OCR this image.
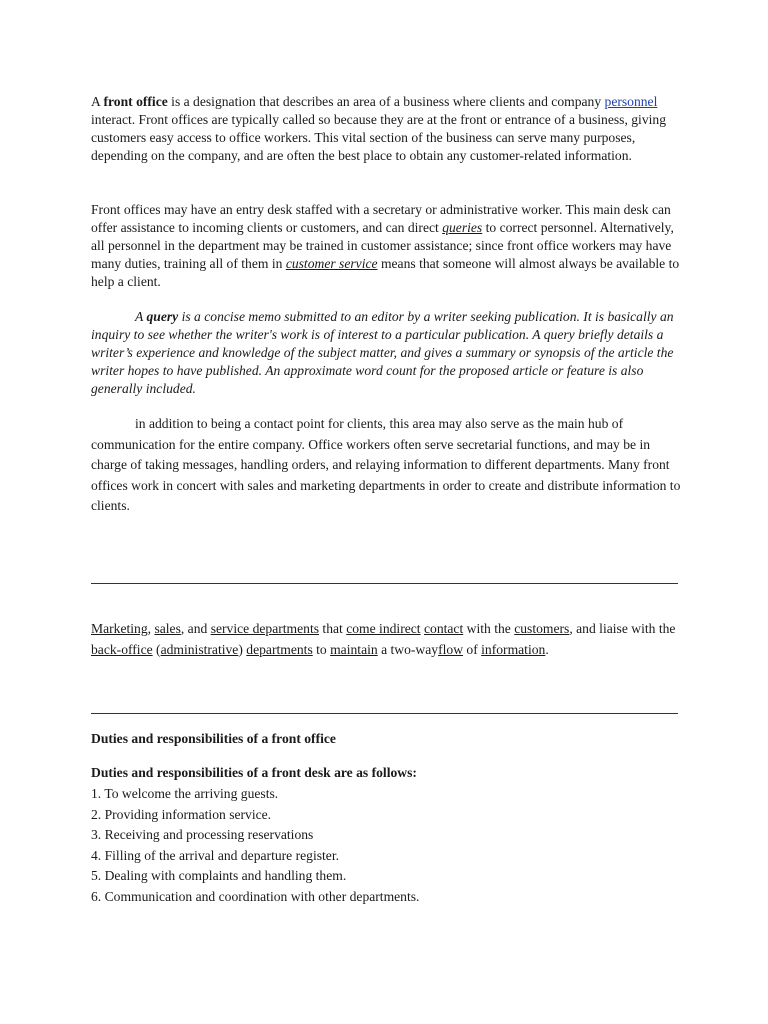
A front office is a designation that describes an area of a business where clients and company personnel interact. Front offices are typically called so because they are at the front or entrance of a business, giving customers easy access to office workers. This vital section of the business can serve many purposes, depending on the company, and are often the best place to obtain any customer-related information.

Front offices may have an entry desk staffed with a secretary or administrative worker. This main desk can offer assistance to incoming clients or customers, and can direct queries to correct personnel. Alternatively, all personnel in the department may be trained in customer assistance; since front office workers may have many duties, training all of them in customer service means that someone will almost always be available to help a client.

A query is a concise memo submitted to an editor by a writer seeking publication. It is basically an inquiry to see whether the writer's work is of interest to a particular publication. A query briefly details a writer’s experience and knowledge of the subject matter, and gives a summary or synopsis of the article the writer hopes to have published. An approximate word count for the proposed article or feature is also generally included.

in addition to being a contact point for clients, this area may also serve as the main hub of communication for the entire company. Office workers often serve secretarial functions, and may be in charge of taking messages, handling orders, and relaying information to different departments. Many front offices work in concert with sales and marketing departments in order to create and distribute information to clients.

Marketing, sales, and service departments that come indirect contact with the customers, and liaise with the back-office (administrative) departments to maintain a two-wayflow of information.

Duties and responsibilities of a front office

Duties and responsibilities of a front desk are as follows:

1. To welcome the arriving guests.
2. Providing information service.
3. Receiving and processing reservations
4. Filling of the arrival and departure register.
5. Dealing with complaints and handling them.
6. Communication and coordination with other departments.
